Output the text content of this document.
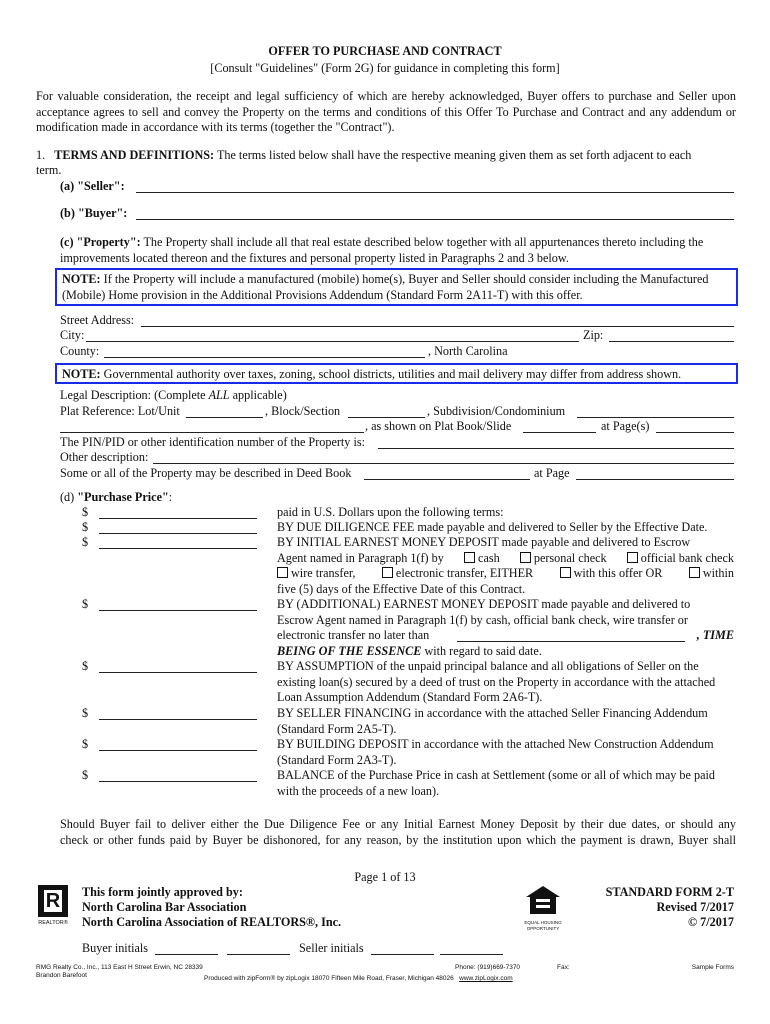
OFFER TO PURCHASE AND CONTRACT
[Consult "Guidelines" (Form 2G) for guidance in completing this form]
For valuable consideration, the receipt and legal sufficiency of which are hereby acknowledged, Buyer offers to purchase and Seller upon acceptance agrees to sell and convey the Property on the terms and conditions of this Offer To Purchase and Contract and any addendum or modification made in accordance with its terms (together the "Contract").
1. TERMS AND DEFINITIONS: The terms listed below shall have the respective meaning given them as set forth adjacent to each
term.
(a) "Seller":
(b) "Buyer":
(c) "Property": The Property shall include all that real estate described below together with all appurtenances thereto including the
improvements located thereon and the fixtures and personal property listed in Paragraphs 2 and 3 below.
NOTE: If the Property will include a manufactured (mobile) home(s), Buyer and Seller should consider including the Manufactured
(Mobile) Home provision in the Additional Provisions Addendum (Standard Form 2A11-T) with this offer.
Street Address:
City:	Zip:
County:	, North Carolina
NOTE: Governmental authority over taxes, zoning, school districts, utilities and mail delivery may differ from address shown.
Legal Description: (Complete ALL applicable)
Plat Reference: Lot/Unit	, Block/Section	, Subdivision/Condominium
, as shown on Plat Book/Slide	at Page(s)
The PIN/PID or other identification number of the Property is:
Other description:
Some or all of the Property may be described in Deed Book	at Page
(d) "Purchase Price":
$	paid in U.S. Dollars upon the following terms:
$	BY DUE DILIGENCE FEE made payable and delivered to Seller by the Effective Date.
$	BY INITIAL EARNEST MONEY DEPOSIT made payable and delivered to Escrow
Agent named in Paragraph 1(f) by	cash	personal check	official bank check
wire transfer,	electronic transfer, EITHER	with this offer OR	within
five (5) days of the Effective Date of this Contract.
$	BY (ADDITIONAL) EARNEST MONEY DEPOSIT made payable and delivered to
Escrow Agent named in Paragraph 1(f) by cash, official bank check, wire transfer or
electronic transfer no later than	, TIME
BEING OF THE ESSENCE with regard to said date.
$	BY ASSUMPTION of the unpaid principal balance and all obligations of Seller on the
existing loan(s) secured by a deed of trust on the Property in accordance with the attached
Loan Assumption Addendum (Standard Form 2A6-T).
$	BY SELLER FINANCING in accordance with the attached Seller Financing Addendum
(Standard Form 2A5-T).
$	BY BUILDING DEPOSIT in accordance with the attached New Construction Addendum
(Standard Form 2A3-T).
$	BALANCE of the Purchase Price in cash at Settlement (some or all of which may be paid
with the proceeds of a new loan).
Should Buyer fail to deliver either the Due Diligence Fee or any Initial Earnest Money Deposit by their due dates, or should any
check or other funds paid by Buyer be dishonored, for any reason, by the institution upon which the payment is drawn, Buyer shall
Page 1 of 13
R
REALTOR®
This form jointly approved by:
North Carolina Bar Association
North Carolina Association of REALTORS®, Inc.	EQUAL HOUSING OPPORTUNITY
STANDARD FORM 2-T
Revised 7/2017
© 7/2017
Buyer initials	Seller initials
RMG Realty Co., Inc., 113 East H Street Erwin, NC 28339
Brandon Barefoot
Phone: (919)669-7370	Fax:	Sample Forms
Produced with zipForm® by zipLogix 18070 Fifteen Mile Road, Fraser, Michigan 48026 www.zipLogix.com
